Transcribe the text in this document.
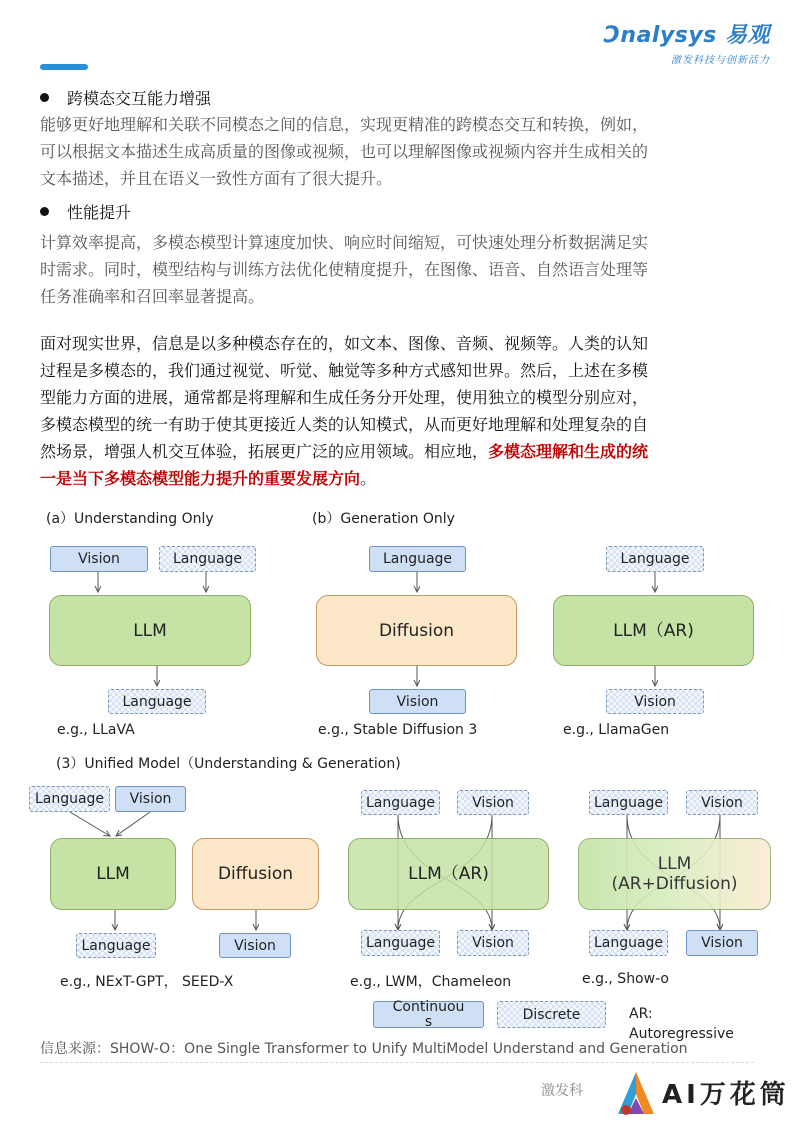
Ͻnalysys 易观
激发科技与创新活力
跨模态交互能力增强
能够更好地理解和关联不同模态之间的信息，实现更精准的跨模态交互和转换，例如，
可以根据文本描述生成高质量的图像或视频，也可以理解图像或视频内容并生成相关的
文本描述，并且在语义一致性方面有了很大提升。
性能提升
计算效率提高，多模态模型计算速度加快、响应时间缩短，可快速处理分析数据满足实
时需求。同时，模型结构与训练方法优化使精度提升，在图像、语音、自然语言处理等
任务准确率和召回率显著提高。
面对现实世界，信息是以多种模态存在的，如文本、图像、音频、视频等。人类的认知
过程是多模态的，我们通过视觉、听觉、触觉等多种方式感知世界。然后，上述在多模
型能力方面的进展，通常都是将理解和生成任务分开处理，使用独立的模型分别应对，
多模态模型的统一有助于使其更接近人类的认知模式，从而更好地理解和处理复杂的自
然场景，增强人机交互体验，拓展更广泛的应用领域。相应地，多模态理解和生成的统
一是当下多模态模型能力提升的重要发展方向。
(a）Understanding Only	(b）Generation Only
(3）Unified Model（Understanding & Generation)
Vision	Language
LLM
Language
e.g., LLaVA
Language
Diffusion
Vision
e.g., Stable Diffusion 3
Language
LLM（AR)
Vision
e.g., LlamaGen
Language	Vision
LLM	Diffusion
Language	Vision
e.g., NExT-GPT， SEED-X
Language	Vision
LLM（AR)
Language	Vision
e.g., LWM，Chameleon
Language	Vision
LLM
(AR+Diffusion)
Language	Vision
e.g., Show-o
Continuou
s	Discrete	AR:
Autoregressive
信息来源：SHOW-O：One Single Transformer to Unify MultiModel Understand and Generation
激发科	AI万花筒
